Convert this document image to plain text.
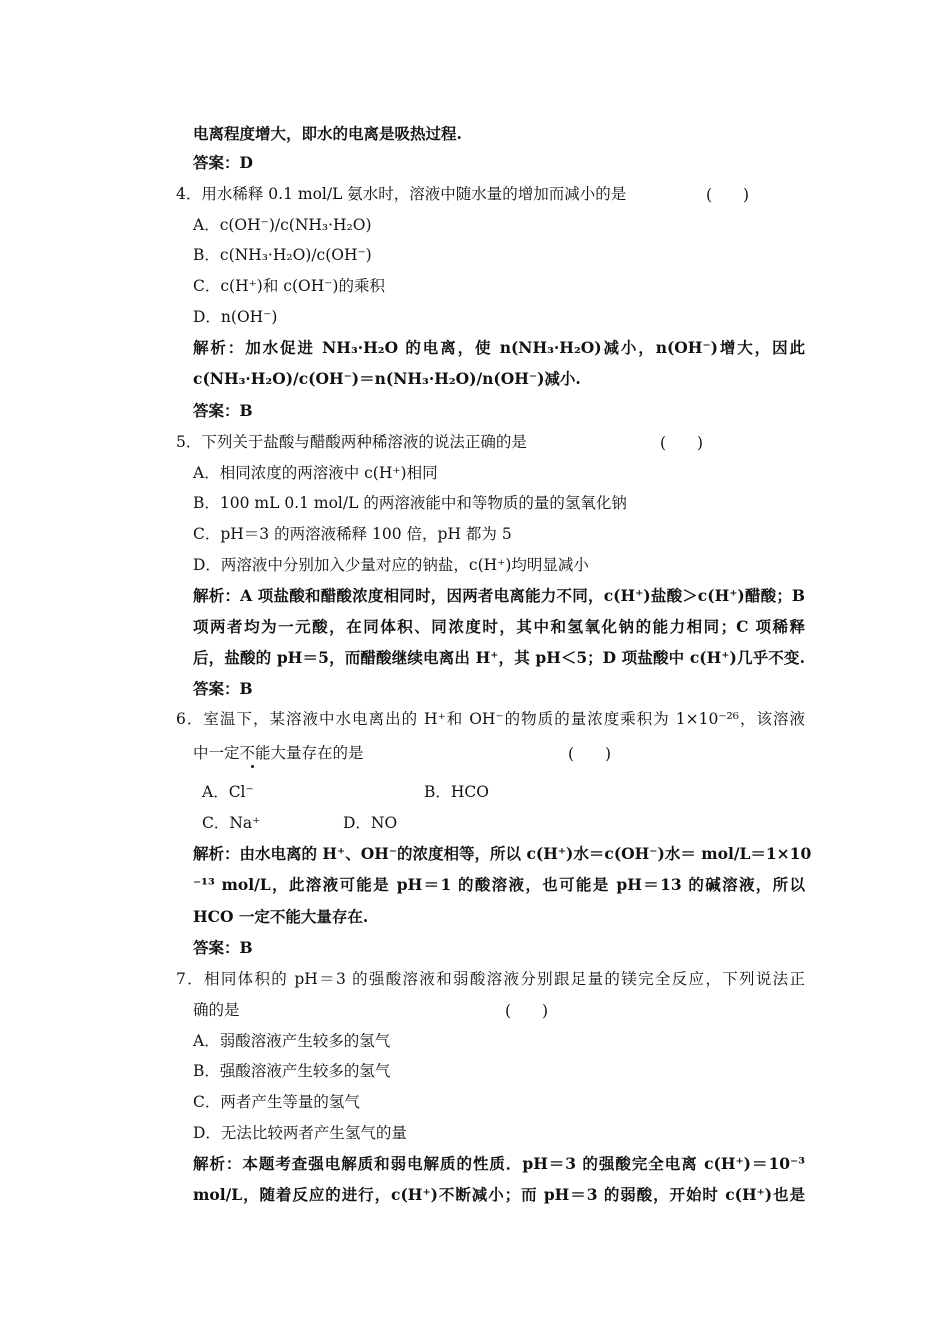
电离程度增大，即水的电离是吸热过程.
答案：D
4．用水稀释 0.1 mol/L 氨水时，溶液中随水量的增加而减小的是	(　　)
A．c(OH⁻)/c(NH₃·H₂O)
B．c(NH₃·H₂O)/c(OH⁻)
C．c(H⁺)和 c(OH⁻)的乘积
D．n(OH⁻)
解析：加水促进 NH₃·H₂O 的电离，使 n(NH₃·H₂O)减小，n(OH⁻)增大，因此
c(NH₃·H₂O)/c(OH⁻)＝n(NH₃·H₂O)/n(OH⁻)减小.
答案：B
5．下列关于盐酸与醋酸两种稀溶液的说法正确的是	(　　)
A．相同浓度的两溶液中 c(H⁺)相同
B．100 mL 0.1 mol/L 的两溶液能中和等物质的量的氢氧化钠
C．pH＝3 的两溶液稀释 100 倍，pH 都为 5
D．两溶液中分别加入少量对应的钠盐，c(H⁺)均明显减小
解析：A 项盐酸和醋酸浓度相同时，因两者电离能力不同，c(H⁺)盐酸＞c(H⁺)醋酸；B
项两者均为一元酸，在同体积、同浓度时，其中和氢氧化钠的能力相同；C 项稀释
后，盐酸的 pH＝5，而醋酸继续电离出 H⁺，其 pH＜5；D 项盐酸中 c(H⁺)几乎不变.
答案：B
6．室温下，某溶液中水电离出的 H⁺和 OH⁻的物质的量浓度乘积为 1×10⁻²⁶，该溶液
中一定不能大量存在的是	(　　)
A．Cl⁻	B．HCO
C．Na⁺	D．NO
解析：由水电离的 H⁺、OH⁻的浓度相等，所以 c(H⁺)水＝c(OH⁻)水＝ mol/L＝1×10
⁻¹³ mol/L，此溶液可能是 pH＝1 的酸溶液，也可能是 pH＝13 的碱溶液，所以
HCO 一定不能大量存在.
答案：B
7．相同体积的 pH＝3 的强酸溶液和弱酸溶液分别跟足量的镁完全反应，下列说法正
确的是	(　　)
A．弱酸溶液产生较多的氢气
B．强酸溶液产生较多的氢气
C．两者产生等量的氢气
D．无法比较两者产生氢气的量
解析：本题考查强电解质和弱电解质的性质．pH＝3 的强酸完全电离 c(H⁺)＝10⁻³
mol/L，随着反应的进行，c(H⁺)不断减小；而 pH＝3 的弱酸，开始时 c(H⁺)也是
